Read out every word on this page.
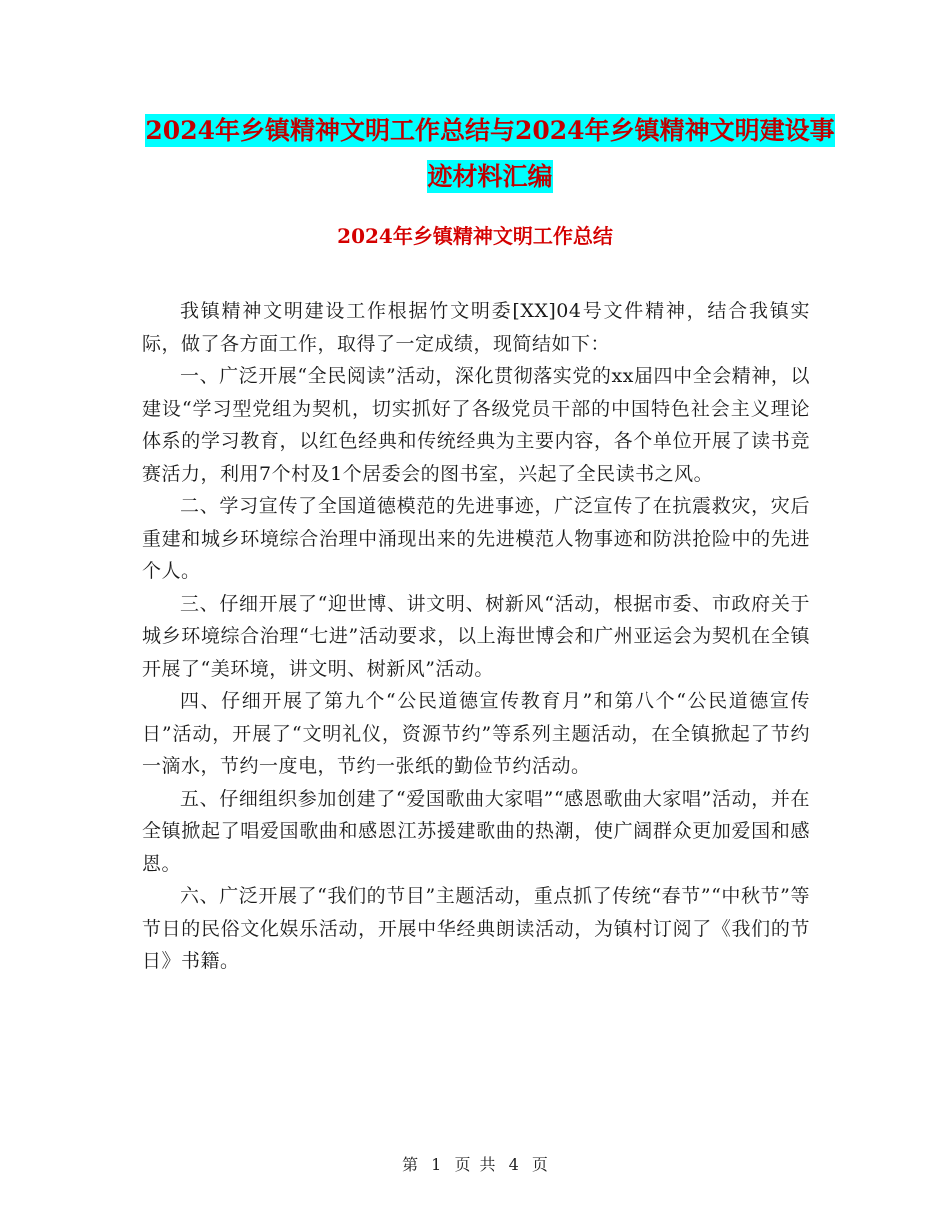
2024年乡镇精神文明工作总结与2024年乡镇精神文明建设事迹材料汇编
2024年乡镇精神文明工作总结

我镇精神文明建设工作根据竹文明委[XX]04号文件精神，结合我镇实际，做了各方面工作，取得了一定成绩，现简结如下：

一、广泛开展“全民阅读”活动，深化贯彻落实党的xx届四中全会精神，以建设“学习型党组为契机，切实抓好了各级党员干部的中国特色社会主义理论体系的学习教育，以红色经典和传统经典为主要内容，各个单位开展了读书竞赛活力，利用7个村及1个居委会的图书室，兴起了全民读书之风。

二、学习宣传了全国道德模范的先进事迹，广泛宣传了在抗震救灾，灾后重建和城乡环境综合治理中涌现出来的先进模范人物事迹和防洪抢险中的先进个人。

三、仔细开展了“迎世博、讲文明、树新风“活动，根据市委、市政府关于城乡环境综合治理“七进”活动要求，以上海世博会和广州亚运会为契机在全镇开展了“美环境，讲文明、树新风”活动。

四、仔细开展了第九个“公民道德宣传教育月”和第八个“公民道德宣传日”活动，开展了“文明礼仪，资源节约”等系列主题活动，在全镇掀起了节约一滴水，节约一度电，节约一张纸的勤俭节约活动。

五、仔细组织参加创建了“爱国歌曲大家唱”“感恩歌曲大家唱”活动，并在全镇掀起了唱爱国歌曲和感恩江苏援建歌曲的热潮，使广阔群众更加爱国和感恩。

六、广泛开展了“我们的节目”主题活动，重点抓了传统“春节”“中秋节”等节日的民俗文化娱乐活动，开展中华经典朗读活动，为镇村订阅了《我们的节日》书籍。

第 1 页 共 4 页
